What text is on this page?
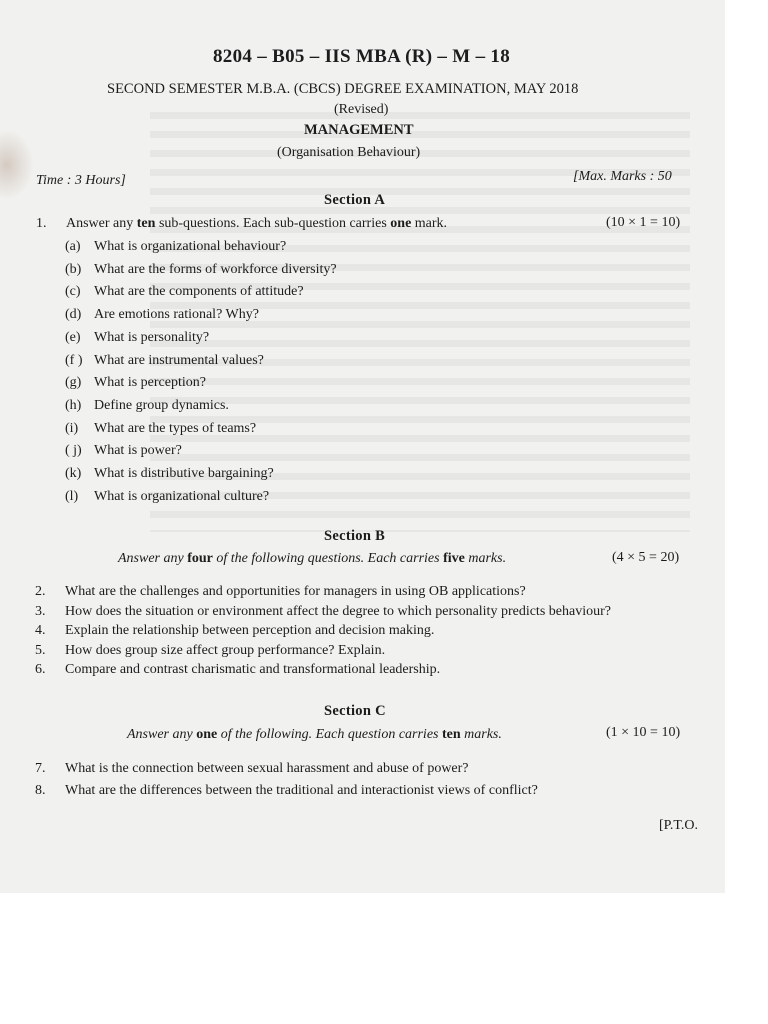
8204 – B05 – IIS MBA (R) – M – 18
SECOND SEMESTER M.B.A. (CBCS) DEGREE EXAMINATION, MAY 2018
(Revised)
MANAGEMENT
(Organisation Behaviour)
Time : 3 Hours]	[Max. Marks : 50
Section A
1. Answer any ten sub-questions. Each sub-question carries one mark.	(10 × 1 = 10)
(a) What is organizational behaviour?
(b) What are the forms of workforce diversity?
(c) What are the components of attitude?
(d) Are emotions rational? Why?
(e) What is personality?
(f ) What are instrumental values?
(g) What is perception?
(h) Define group dynamics.
(i) What are the types of teams?
( j) What is power?
(k) What is distributive bargaining?
(l) What is organizational culture?
Section B
Answer any four of the following questions. Each carries five marks.	(4 × 5 = 20)
2. What are the challenges and opportunities for managers in using OB applications?
3. How does the situation or environment affect the degree to which personality predicts behaviour?
4. Explain the relationship between perception and decision making.
5. How does group size affect group performance? Explain.
6. Compare and contrast charismatic and transformational leadership.
Section C
Answer any one of the following. Each question carries ten marks.	(1 × 10 = 10)
7. What is the connection between sexual harassment and abuse of power?
8. What are the differences between the traditional and interactionist views of conflict?
[P.T.O.
